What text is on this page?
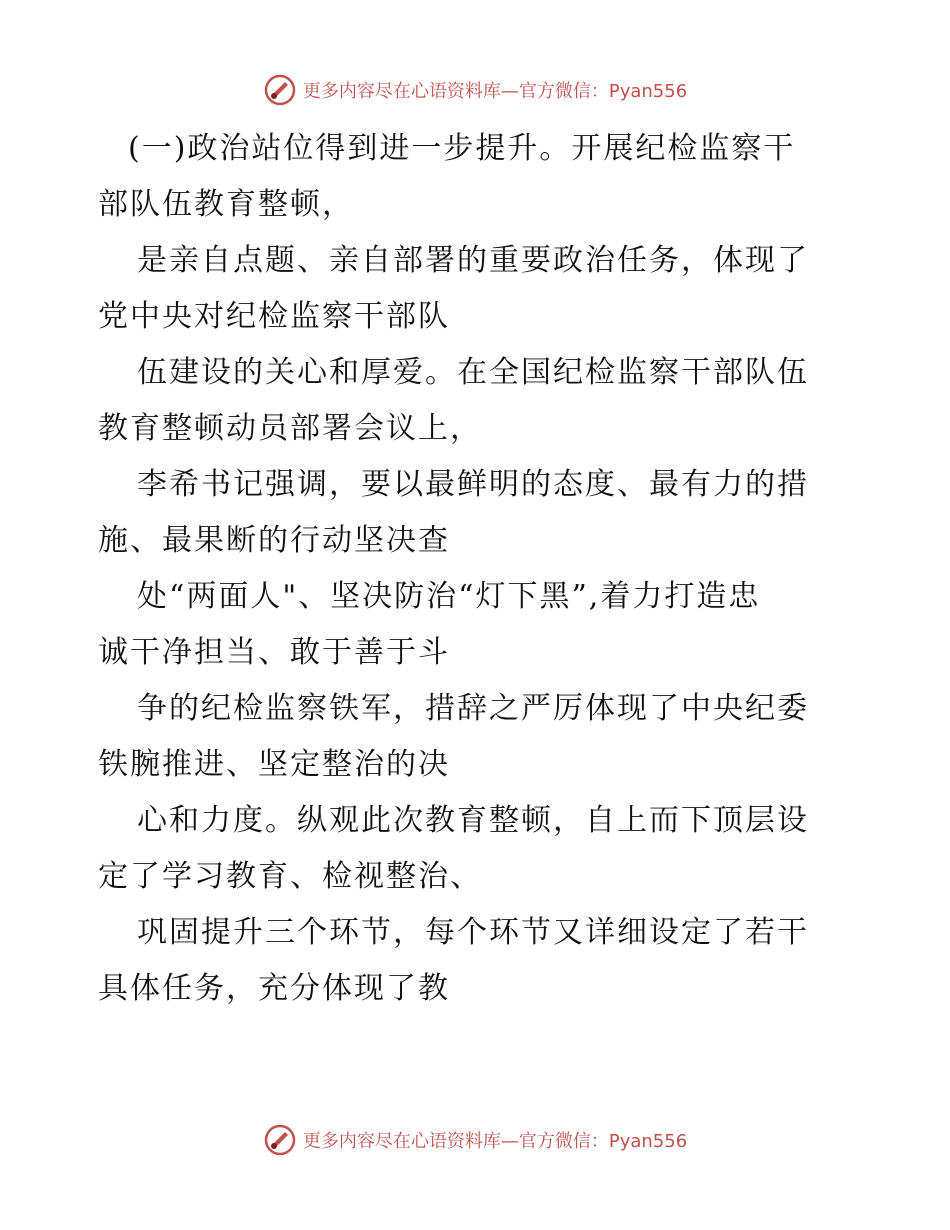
更多内容尽在心语资料库—官方微信：Pyan556

(一)政治站位得到进一步提升。开展纪检监察干
部队伍教育整顿，

是亲自点题、亲自部署的重要政治任务，体现了
党中央对纪检监察干部队

伍建设的关心和厚爱。在全国纪检监察干部队伍
教育整顿动员部署会议上，

李希书记强调，要以最鲜明的态度、最有力的措
施、最果断的行动坚决查

处“两面人"、坚决防治“灯下黑”,着力打造忠
诚干净担当、敢于善于斗

争的纪检监察铁军，措辞之严厉体现了中央纪委
铁腕推进、坚定整治的决

心和力度。纵观此次教育整顿，自上而下顶层设
定了学习教育、检视整治、

巩固提升三个环节，每个环节又详细设定了若干
具体任务，充分体现了教

更多内容尽在心语资料库—官方微信：Pyan556
